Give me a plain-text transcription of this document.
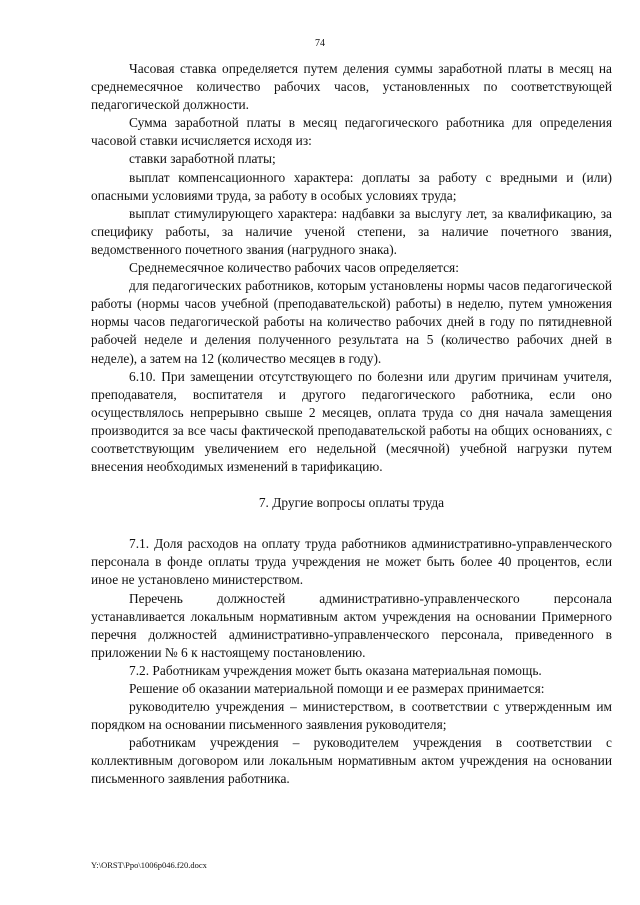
74

Часовая ставка определяется путем деления суммы заработной платы в месяц на среднемесячное количество рабочих часов, установленных по соответствующей педагогической должности.

Сумма заработной платы в месяц педагогического работника для определения часовой ставки исчисляется исходя из:

ставки заработной платы;

выплат компенсационного характера: доплаты за работу с вредными и (или) опасными условиями труда, за работу в особых условиях труда;

выплат стимулирующего характера: надбавки за выслугу лет, за квалификацию, за специфику работы, за наличие ученой степени, за наличие почетного звания, ведомственного почетного звания (нагрудного знака).

Среднемесячное количество рабочих часов определяется:

для педагогических работников, которым установлены нормы часов педагогической работы (нормы часов учебной (преподавательской) работы) в неделю, путем умножения нормы часов педагогической работы на количество рабочих дней в году по пятидневной рабочей неделе и деления полученного результата на 5 (количество рабочих дней в неделе), а затем на 12 (количество месяцев в году).

6.10. При замещении отсутствующего по болезни или другим причинам учителя, преподавателя, воспитателя и другого педагогического работника, если оно осуществлялось непрерывно свыше 2 месяцев, оплата труда со дня начала замещения производится за все часы фактической преподавательской работы на общих основаниях, с соответствующим увеличением его недельной (месячной) учебной нагрузки путем внесения необходимых изменений в тарификацию.

7. Другие вопросы оплаты труда

7.1. Доля расходов на оплату труда работников административно-управленческого персонала в фонде оплаты труда учреждения не может быть более 40 процентов, если иное не установлено министерством.

Перечень должностей административно-управленческого персонала устанавливается локальным нормативным актом учреждения на основании Примерного перечня должностей административно-управленческого персонала, приведенного в приложении № 6 к настоящему постановлению.

7.2. Работникам учреждения может быть оказана материальная помощь.

Решение об оказании материальной помощи и ее размерах принимается:

руководителю учреждения – министерством, в соответствии с утвержденным им порядком на основании письменного заявления руководителя;

работникам учреждения – руководителем учреждения в соответствии с коллективным договором или локальным нормативным актом учреждения на основании письменного заявления работника.

Y:\ORST\Ppo\1006p046.f20.docx
